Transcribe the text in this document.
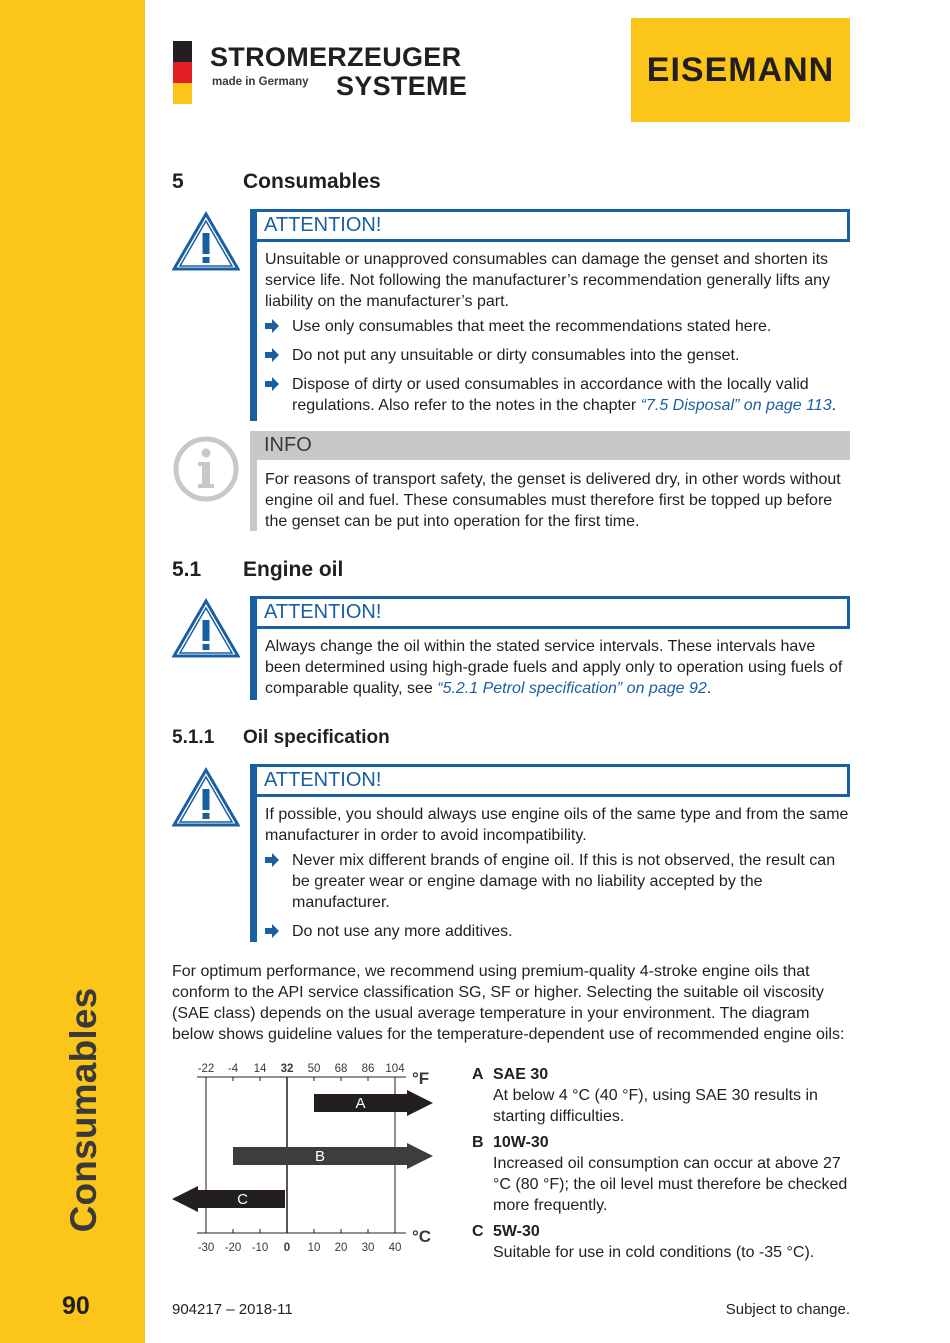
Consumables
90
STROMERZEUGER
made in Germany SYSTEME	EISEMANN
5	Consumables
ATTENTION!

Unsuitable or unapproved consumables can damage the genset and shorten its service life. Not following the manufacturer’s recommendation generally lifts any liability on the manufacturer’s part.

Use only consumables that meet the recommendations stated here.
Do not put any unsuitable or dirty consumables into the genset.
Dispose of dirty or used consumables in accordance with the locally valid regulations. Also refer to the notes in the chapter “7.5 Disposal” on page 113.
INFO

For reasons of transport safety, the genset is delivered dry, in other words without engine oil and fuel. These consumables must therefore first be topped up before the genset can be put into operation for the first time.

5.1 Engine oil
ATTENTION!

Always change the oil within the stated service intervals. These intervals have been determined using high-grade fuels and apply only to operation using fuels of comparable quality, see “5.2.1 Petrol specification” on page 92.

5.1.1 Oil specification
ATTENTION!

If possible, you should always use engine oils of the same type and from the same manufacturer in order to avoid incompatibility.

Never mix different brands of engine oil. If this is not observed, the result can be greater wear or engine damage with no liability accepted by the manufacturer.
Do not use any more additives.

For optimum performance, we recommend using premium-quality 4-stroke engine oils that conform to the API service classification SG, SF or higher. Selecting the suitable oil viscosity (SAE class) depends on the usual average temperature in your environment. The diagram below shows guideline values for the temperature-dependent use of recommended engine oils:

-22 -4 14 32 50 68 86 104
-30 -20 -10 0 10 20 30 40
°F
°C
A
B
C
A SAE 30
At below 4 °C (40 °F), using SAE 30 results in starting difficulties.
B 10W-30
Increased oil consumption can occur at above 27 °C (80 °F); the oil level must therefore be checked more frequently.
C 5W-30
Suitable for use in cold conditions (to -35 °C).
904217 – 2018-11	Subject to change.
